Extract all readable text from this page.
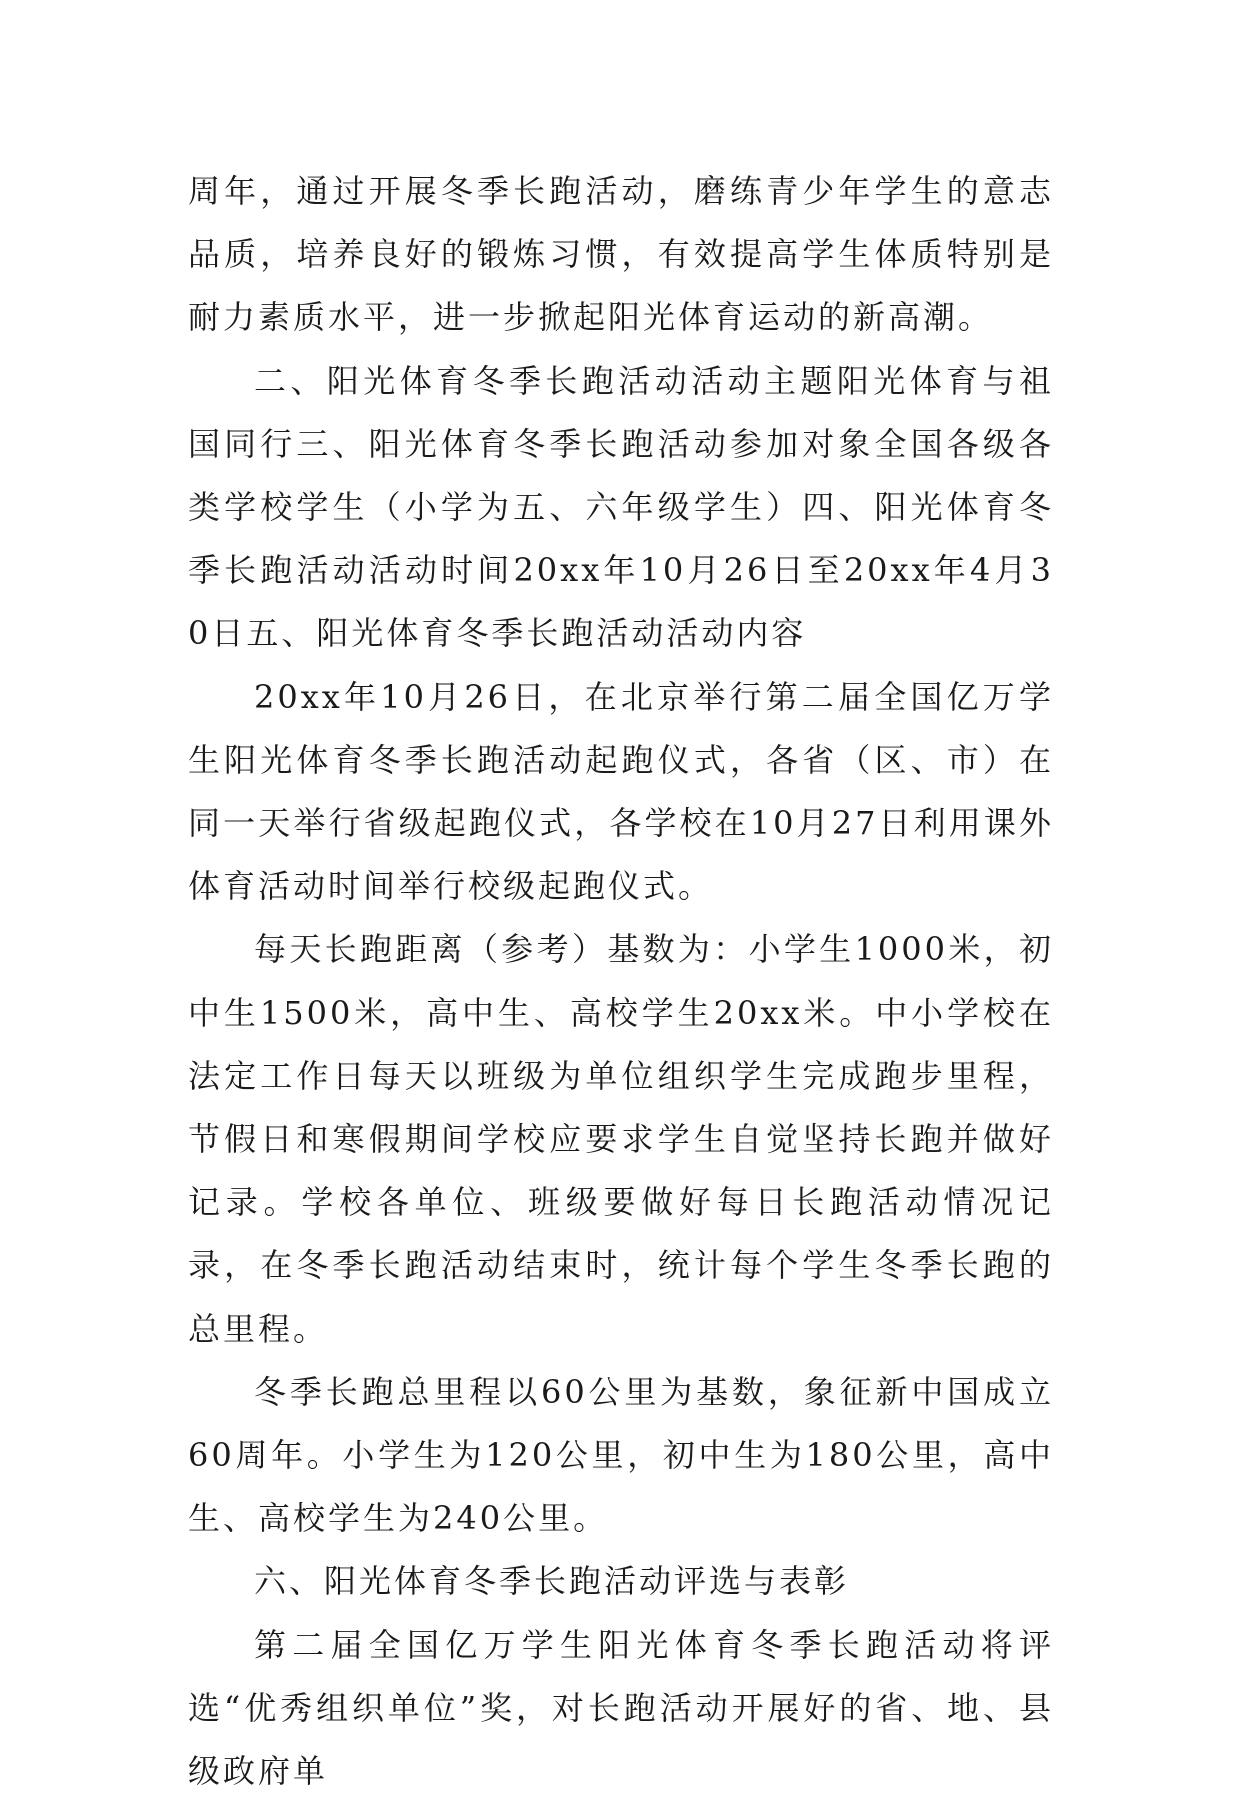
周年，通过开展冬季长跑活动，磨练青少年学生的意志品质，培养良好的锻炼习惯，有效提高学生体质特别是耐力素质水平，进一步掀起阳光体育运动的新高潮。

二、阳光体育冬季长跑活动活动主题阳光体育与祖国同行三、阳光体育冬季长跑活动参加对象全国各级各类学校学生（小学为五、六年级学生）四、阳光体育冬季长跑活动活动时间20xx年10月26日至20xx年4月30日五、阳光体育冬季长跑活动活动内容

20xx年10月26日，在北京举行第二届全国亿万学生阳光体育冬季长跑活动起跑仪式，各省（区、市）在同一天举行省级起跑仪式，各学校在10月27日利用课外体育活动时间举行校级起跑仪式。

每天长跑距离（参考）基数为：小学生1000米，初中生1500米，高中生、高校学生20xx米。中小学校在法定工作日每天以班级为单位组织学生完成跑步里程，节假日和寒假期间学校应要求学生自觉坚持长跑并做好记录。学校各单位、班级要做好每日长跑活动情况记录，在冬季长跑活动结束时，统计每个学生冬季长跑的总里程。

冬季长跑总里程以60公里为基数，象征新中国成立60周年。小学生为120公里，初中生为180公里，高中生、高校学生为240公里。

六、阳光体育冬季长跑活动评选与表彰

第二届全国亿万学生阳光体育冬季长跑活动将评选“优秀组织单位”奖，对长跑活动开展好的省、地、县级政府单
